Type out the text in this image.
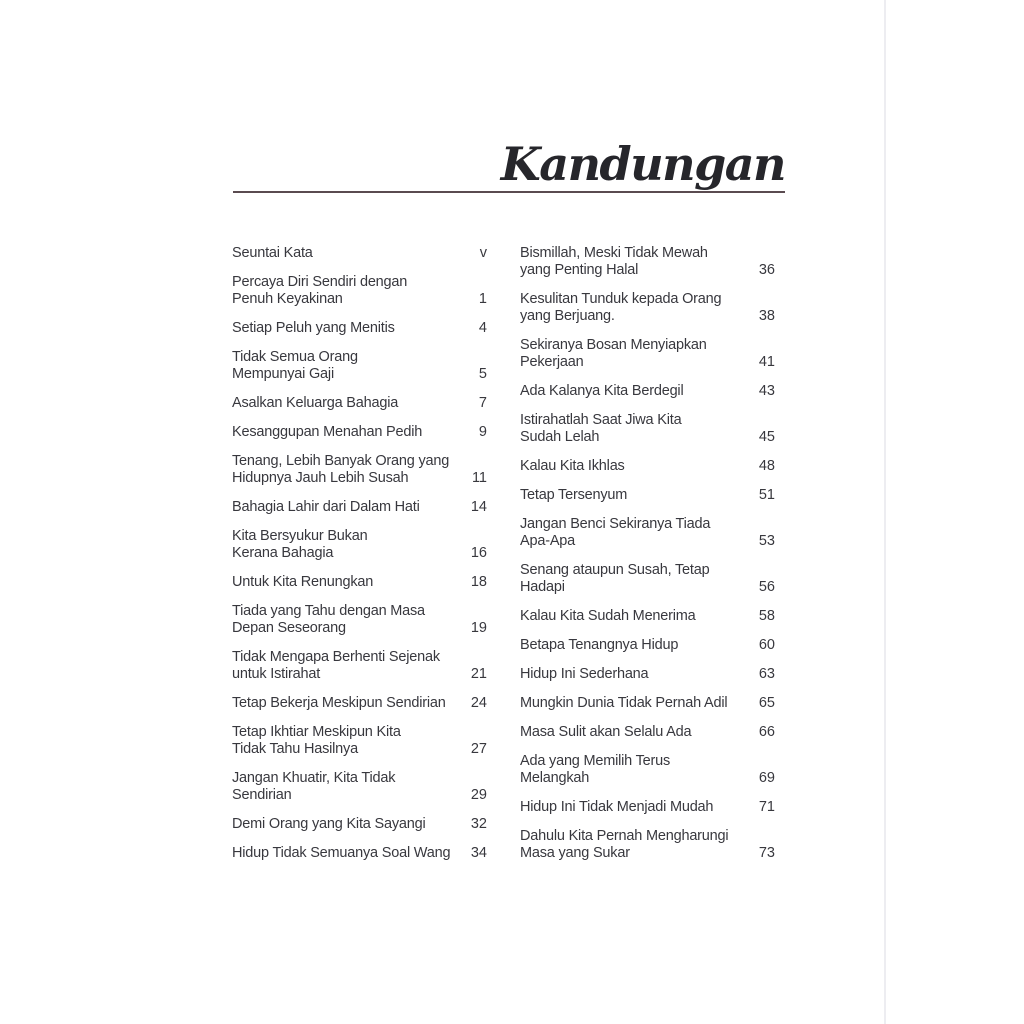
Kandungan
Seuntai Kata	v
Percaya Diri Sendiri dengan
Penuh Keyakinan	1
Setiap Peluh yang Menitis	4
Tidak Semua Orang
Mempunyai Gaji	5
Asalkan Keluarga Bahagia	7
Kesanggupan Menahan Pedih	9
Tenang, Lebih Banyak Orang yang
Hidupnya Jauh Lebih Susah	11
Bahagia Lahir dari Dalam Hati	14
Kita Bersyukur Bukan
Kerana Bahagia	16
Untuk Kita Renungkan	18
Tiada yang Tahu dengan Masa
Depan Seseorang	19
Tidak Mengapa Berhenti Sejenak
untuk Istirahat	21
Tetap Bekerja Meskipun Sendirian 24
Tetap Ikhtiar Meskipun Kita
Tidak Tahu Hasilnya	27
Jangan Khuatir, Kita Tidak
Sendirian	29
Demi Orang yang Kita Sayangi	32
Hidup Tidak Semuanya Soal Wang 34
Bismillah, Meski Tidak Mewah
yang Penting Halal	36
Kesulitan Tunduk kepada Orang
yang Berjuang.	38
Sekiranya Bosan Menyiapkan
Pekerjaan	41
Ada Kalanya Kita Berdegil	43
Istirahatlah Saat Jiwa Kita
Sudah Lelah	45
Kalau Kita Ikhlas	48
Tetap Tersenyum	51
Jangan Benci Sekiranya Tiada
Apa-Apa	53
Senang ataupun Susah, Tetap
Hadapi	56
Kalau Kita Sudah Menerima	58
Betapa Tenangnya Hidup	60
Hidup Ini Sederhana	63
Mungkin Dunia Tidak Pernah Adil 65
Masa Sulit akan Selalu Ada	66
Ada yang Memilih Terus
Melangkah	69
Hidup Ini Tidak Menjadi Mudah	71
Dahulu Kita Pernah Mengharungi
Masa yang Sukar	73
